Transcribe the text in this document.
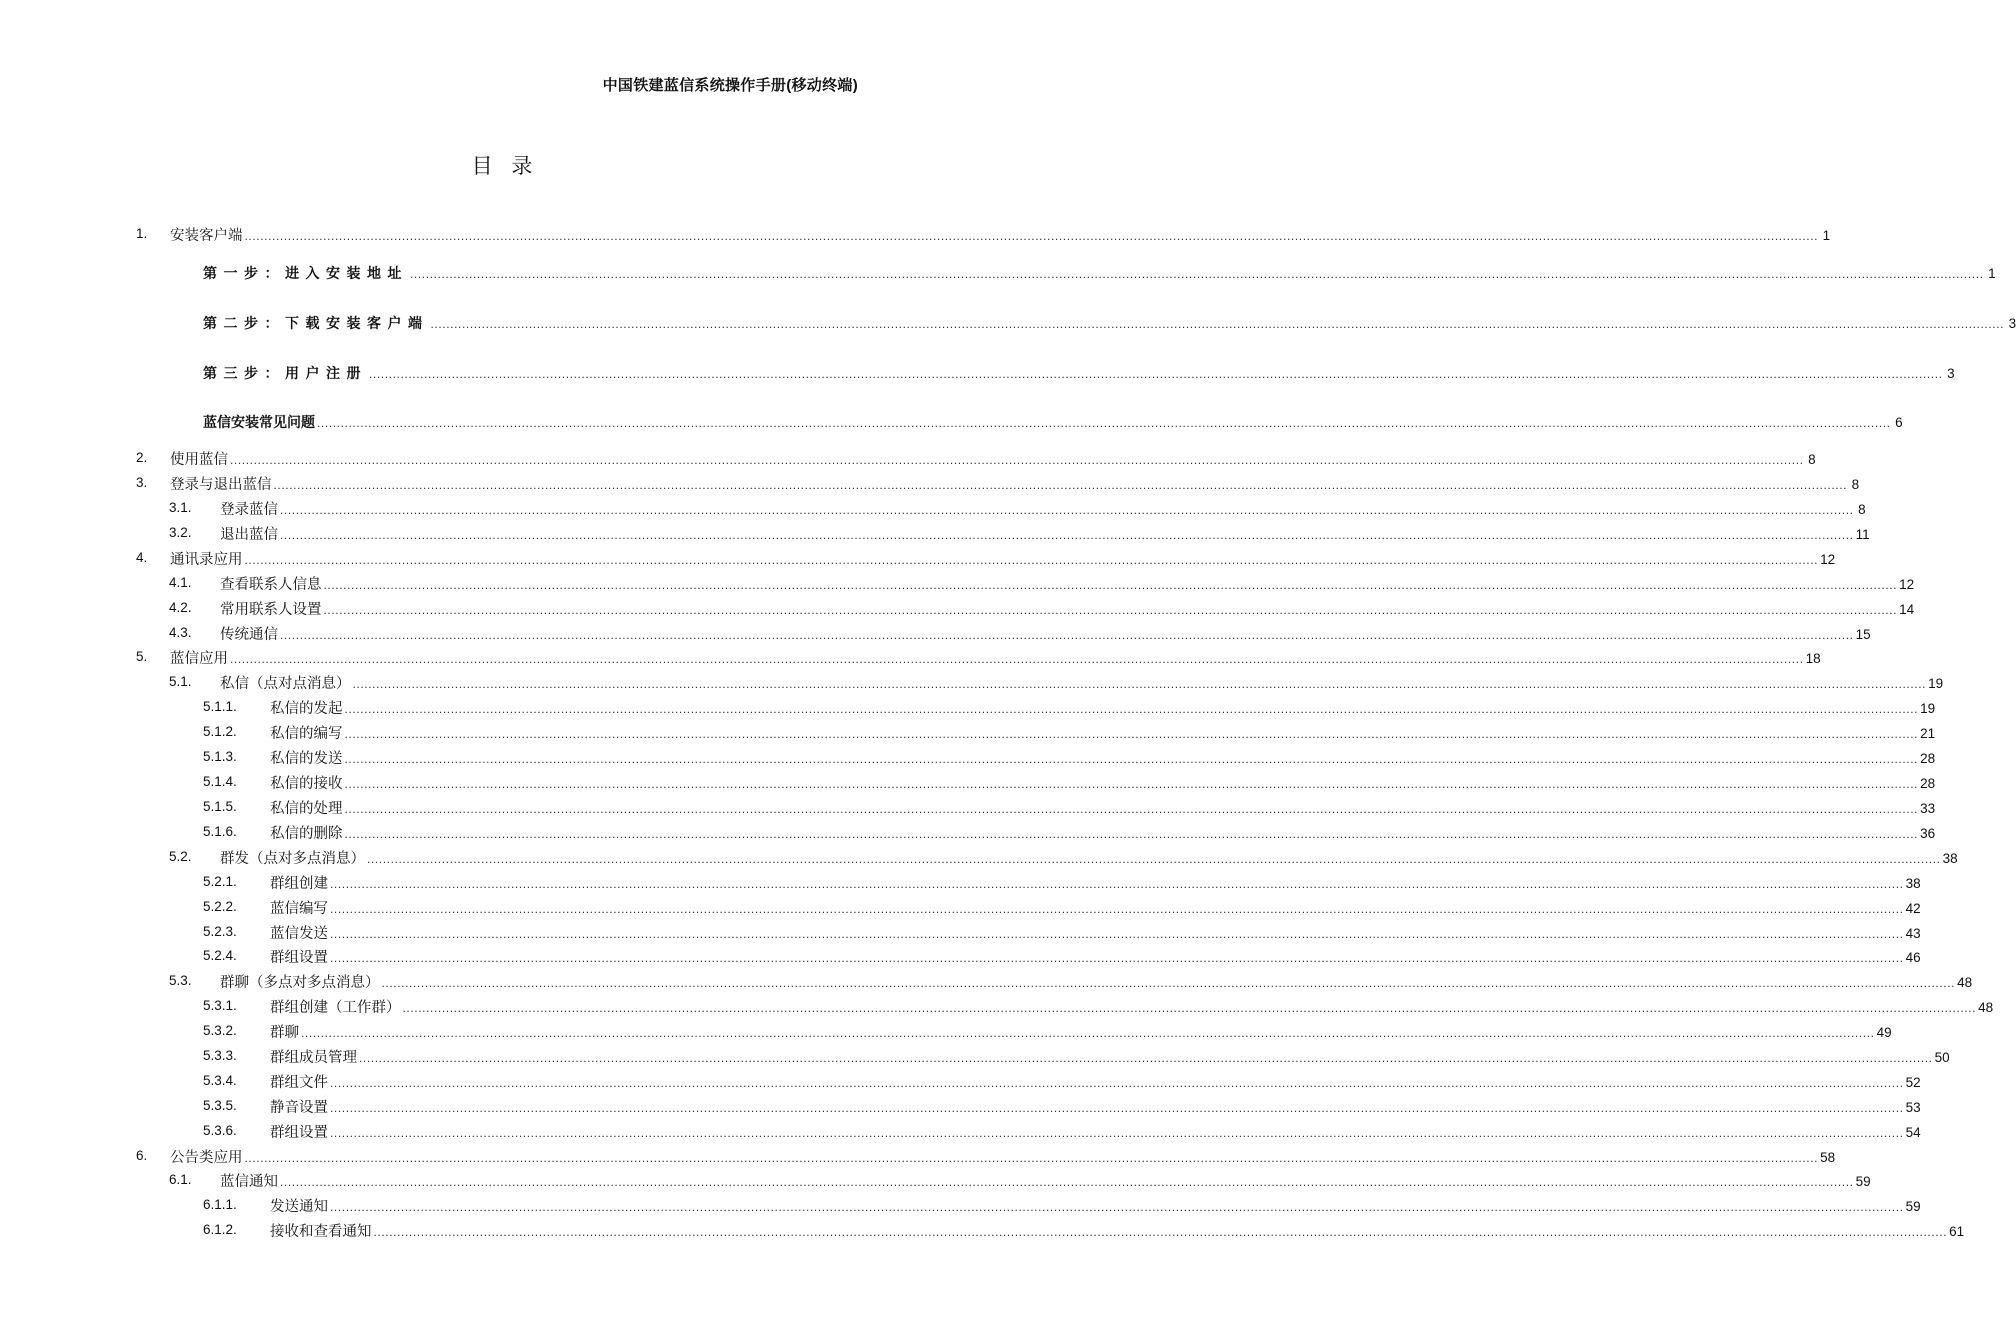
中国铁建蓝信系统操作手册(移动终端)
目 录
1. 安装客户端 ................................................................................................................................................................................................................................................................................................................................................................................................................ 1
第一步：进入安装地址 ................................................................................................................................................................................................................................................................................................................................................................................................................ 1
第二步：下载安装客户端 ................................................................................................................................................................................................................................................................................................................................................................................................................ 3
第三步：用户注册 ................................................................................................................................................................................................................................................................................................................................................................................................................ 3
蓝信安装常见问题 ................................................................................................................................................................................................................................................................................................................................................................................................................ 6
2. 使用蓝信 ................................................................................................................................................................................................................................................................................................................................................................................................................ 8
3. 登录与退出蓝信 ................................................................................................................................................................................................................................................................................................................................................................................................................ 8
3.1. 登录蓝信 ................................................................................................................................................................................................................................................................................................................................................................................................................ 8
3.2. 退出蓝信 ................................................................................................................................................................................................................................................................................................................................................................................................................ 11
4. 通讯录应用 ................................................................................................................................................................................................................................................................................................................................................................................................................ 12
4.1. 查看联系人信息 ................................................................................................................................................................................................................................................................................................................................................................................................................ 12
4.2. 常用联系人设置 ................................................................................................................................................................................................................................................................................................................................................................................................................ 14
4.3. 传统通信 ................................................................................................................................................................................................................................................................................................................................................................................................................ 15
5. 蓝信应用 ................................................................................................................................................................................................................................................................................................................................................................................................................ 18
5.1. 私信（点对点消息） ................................................................................................................................................................................................................................................................................................................................................................................................................ 19
5.1.1. 私信的发起 ................................................................................................................................................................................................................................................................................................................................................................................................................ 19
5.1.2. 私信的编写 ................................................................................................................................................................................................................................................................................................................................................................................................................ 21
5.1.3. 私信的发送 ................................................................................................................................................................................................................................................................................................................................................................................................................ 28
5.1.4. 私信的接收 ................................................................................................................................................................................................................................................................................................................................................................................................................ 28
5.1.5. 私信的处理 ................................................................................................................................................................................................................................................................................................................................................................................................................ 33
5.1.6. 私信的删除 ................................................................................................................................................................................................................................................................................................................................................................................................................ 36
5.2. 群发（点对多点消息） ................................................................................................................................................................................................................................................................................................................................................................................................................ 38
5.2.1. 群组创建 ................................................................................................................................................................................................................................................................................................................................................................................................................ 38
5.2.2. 蓝信编写 ................................................................................................................................................................................................................................................................................................................................................................................................................ 42
5.2.3. 蓝信发送 ................................................................................................................................................................................................................................................................................................................................................................................................................ 43
5.2.4. 群组设置 ................................................................................................................................................................................................................................................................................................................................................................................................................ 46
5.3. 群聊（多点对多点消息） ................................................................................................................................................................................................................................................................................................................................................................................................................ 48
5.3.1. 群组创建（工作群） ................................................................................................................................................................................................................................................................................................................................................................................................................ 48
5.3.2. 群聊 ................................................................................................................................................................................................................................................................................................................................................................................................................ 49
5.3.3. 群组成员管理 ................................................................................................................................................................................................................................................................................................................................................................................................................ 50
5.3.4. 群组文件 ................................................................................................................................................................................................................................................................................................................................................................................................................ 52
5.3.5. 静音设置 ................................................................................................................................................................................................................................................................................................................................................................................................................ 53
5.3.6. 群组设置 ................................................................................................................................................................................................................................................................................................................................................................................................................ 54
6. 公告类应用 ................................................................................................................................................................................................................................................................................................................................................................................................................ 58
6.1. 蓝信通知 ................................................................................................................................................................................................................................................................................................................................................................................................................ 59
6.1.1. 发送通知 ................................................................................................................................................................................................................................................................................................................................................................................................................ 59
6.1.2. 接收和查看通知 ................................................................................................................................................................................................................................................................................................................................................................................................................ 61
